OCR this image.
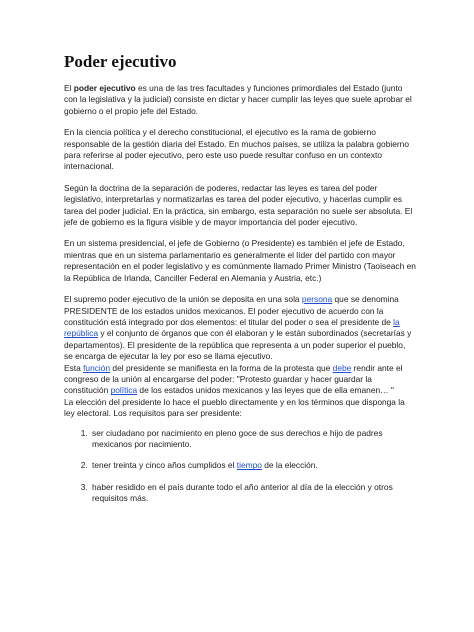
Poder ejecutivo

El poder ejecutivo es una de las tres facultades y funciones primordiales del Estado (junto con la legislativa y la judicial) consiste en dictar y hacer cumplir las leyes que suele aprobar el gobierno o el propio jefe del Estado.

En la ciencia política y el derecho constitucional, el ejecutivo es la rama de gobierno responsable de la gestión diaria del Estado. En muchos países, se utiliza la palabra gobierno para referirse al poder ejecutivo, pero este uso puede resultar confuso en un contexto internacional.

Según la doctrina de la separación de poderes, redactar las leyes es tarea del poder legislativo, interpretarlas y normatizarlas es tarea del poder ejecutivo, y hacerlas cumplir es tarea del poder judicial. En la práctica, sin embargo, esta separación no suele ser absoluta. El jefe de gobierno es la figura visible y de mayor importancia del poder ejecutivo.

En un sistema presidencial, el jefe de Gobierno (o Presidente) es también el jefe de Estado, mientras que en un sistema parlamentario es generalmente el líder del partido con mayor representación en el poder legislativo y es comúnmente llamado Primer Ministro (Taoiseach en la República de Irlanda, Canciller Federal en Alemania y Austria, etc.)

El supremo poder ejecutivo de la unión se deposita en una sola persona que se denomina PRESIDENTE de los estados unidos mexicanos. El poder ejecutivo de acuerdo con la constitución está integrado por dos elementos: el titular del poder o sea el presidente de la república y el conjunto de órganos que con él elaboran y le están subordinados (secretarías y departamentos). El presidente de la república que representa a un poder superior el pueblo, se encarga de ejecutar la ley por eso se llama ejecutivo.

Esta función del presidente se manifiesta en la forma de la protesta que debe rendir ante el congreso de la unión al encargarse del poder: "Protesto guardar y hacer guardar la constitución política de los estados unidos mexicanos y las leyes que de ella emanen… "

La elección del presidente lo hace el pueblo directamente y en los términos que disponga la ley electoral. Los requisitos para ser presidente:

1. ser ciudadano por nacimiento en pleno goce de sus derechos e hijo de padres mexicanos por nacimiento.
2. tener treinta y cinco años cumplidos el tiempo de la elección.
3. haber residido en el país durante todo el año anterior al día de la elección y otros requisitos más.
